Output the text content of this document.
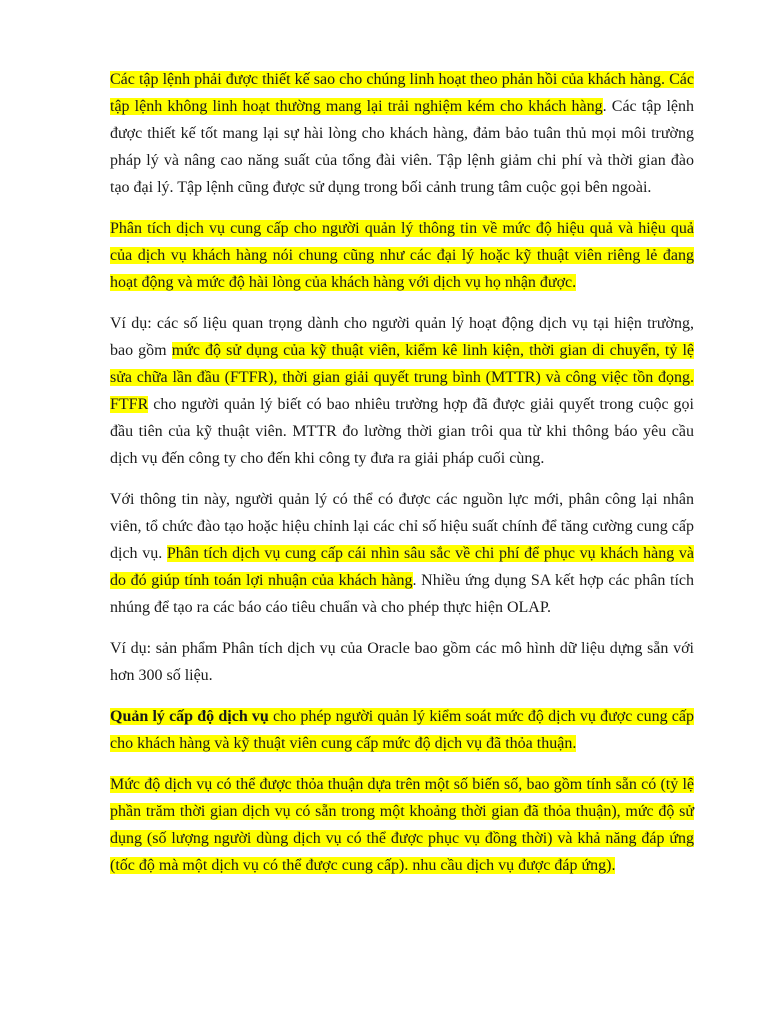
Các tập lệnh phải được thiết kế sao cho chúng linh hoạt theo phản hồi của khách hàng. Các tập lệnh không linh hoạt thường mang lại trải nghiệm kém cho khách hàng. Các tập lệnh được thiết kế tốt mang lại sự hài lòng cho khách hàng, đảm bảo tuân thủ mọi môi trường pháp lý và nâng cao năng suất của tổng đài viên. Tập lệnh giảm chi phí và thời gian đào tạo đại lý. Tập lệnh cũng được sử dụng trong bối cảnh trung tâm cuộc gọi bên ngoài.

Phân tích dịch vụ cung cấp cho người quản lý thông tin về mức độ hiệu quả và hiệu quả của dịch vụ khách hàng nói chung cũng như các đại lý hoặc kỹ thuật viên riêng lẻ đang hoạt động và mức độ hài lòng của khách hàng với dịch vụ họ nhận được.

Ví dụ: các số liệu quan trọng dành cho người quản lý hoạt động dịch vụ tại hiện trường, bao gồm mức độ sử dụng của kỹ thuật viên, kiểm kê linh kiện, thời gian di chuyển, tỷ lệ sửa chữa lần đầu (FTFR), thời gian giải quyết trung bình (MTTR) và công việc tồn đọng. FTFR cho người quản lý biết có bao nhiêu trường hợp đã được giải quyết trong cuộc gọi đầu tiên của kỹ thuật viên. MTTR đo lường thời gian trôi qua từ khi thông báo yêu cầu dịch vụ đến công ty cho đến khi công ty đưa ra giải pháp cuối cùng.

Với thông tin này, người quản lý có thể có được các nguồn lực mới, phân công lại nhân viên, tổ chức đào tạo hoặc hiệu chỉnh lại các chỉ số hiệu suất chính để tăng cường cung cấp dịch vụ. Phân tích dịch vụ cung cấp cái nhìn sâu sắc về chi phí để phục vụ khách hàng và do đó giúp tính toán lợi nhuận của khách hàng. Nhiều ứng dụng SA kết hợp các phân tích nhúng để tạo ra các báo cáo tiêu chuẩn và cho phép thực hiện OLAP.

Ví dụ: sản phẩm Phân tích dịch vụ của Oracle bao gồm các mô hình dữ liệu dựng sẵn với hơn 300 số liệu.

Quản lý cấp độ dịch vụ cho phép người quản lý kiểm soát mức độ dịch vụ được cung cấp cho khách hàng và kỹ thuật viên cung cấp mức độ dịch vụ đã thỏa thuận.

Mức độ dịch vụ có thể được thỏa thuận dựa trên một số biến số, bao gồm tính sẵn có (tỷ lệ phần trăm thời gian dịch vụ có sẵn trong một khoảng thời gian đã thỏa thuận), mức độ sử dụng (số lượng người dùng dịch vụ có thể được phục vụ đồng thời) và khả năng đáp ứng (tốc độ mà một dịch vụ có thể được cung cấp). nhu cầu dịch vụ được đáp ứng).
